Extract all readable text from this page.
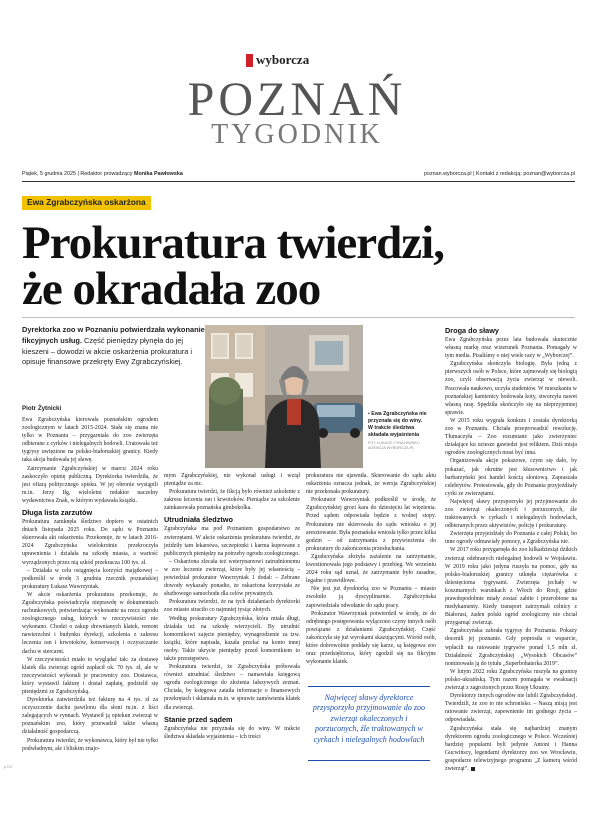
wyborcza
POZNAŃ
TYGODNIK
Piątek, 5 grudnia 2025 | Redaktor prowadzący Monika Pawłowska	poznan.wyborcza.pl | Kontakt z redakcją: poznan@wyborcza.pl
Ewa Zgrabczyńska oskarżona
Prokuratura twierdzi,
że okradała zoo
Dyrektorka zoo w Poznaniu potwierdzała wykonanie fikcyjnych usług. Część pieniędzy płynęła do jej kieszeni – dowodzi w akcie oskarżenia prokuratura i opisuje finansowe przekręty Ewy Zgrabczyńskiej.
▪ Ewa Zgrabczyńska nie przyznała się do winy. W trakcie śledztwa składała wyjaśnienia
FOT. ŁUKASZ CYNALEWSKI / AGENCJA WYBORCZA.PL
Piotr Żytnicki

Ewa Zgrabczyńska kierowała poznańskim ogrodem zoologicznym w latach 2015-2024. Stała się znana nie tylko w Poznaniu – przygarniała do zoo zwierzęta odbierane z cyrków i nielegalnych hodowli. Uratowała też tygrysy uwięzione na polsko-białoruskiej granicy. Kiedy taka akcja budowała jej sławę.

Zatrzymanie Zgrabczyńskiej w marcu 2024 roku zaskoczyło opinię publiczną. Dyrektorka twierdziła, że jest ofiarą politycznego spisku. W jej obronie wystąpili m.in. Jerzy Iłg, wieloletni redaktor naczelny wydawnictwa Znak, w którym wydawała książki.

Długa lista zarzutów

Prokuratura zamknęła śledztwo dopiero w ostatnich dniach listopada 2025 roku. Do sądu w Poznaniu skierowała akt oskarżenia. Przekonuje, że w latach 2016-2024 Zgrabczyńska wielokrotnie przekroczyła uprawnienia i działała na szkodę miasta, a wartość wyrządzonych przez nią szkód przekracza 100 tys. zł.

– Działała w celu osiągnięcia korzyści majątkowej – podkreślił w środę 3 grudnia rzecznik poznańskiej prokuratury Łukasz Wawrzyniak.

W akcie oskarżenia prokuratura przekonuje, że Zgrabczyńska poświadczyła nieprawdę w dokumentach rachunkowych, potwierdzając wykonanie na rzecz ogrodu zoologicznego usług, których w rzeczywistości nie wykonano. Chodzi o zakup drewnianych klatek, remont nawierzchni i budynku dyrekcji, szkolenia z zakresu leczenia ran i krwotoków, konserwację i oczyszczanie dachu w stercarni.

W rzeczywistości miało to wyglądać tak: za dostawę klatek dla zwierząt ogród zapłacił ok. 70 tys. zł, ale w rzeczywistości wykonali je pracownicy zoo. Dostawca, który wystawił fakturę i dostał zapłatę, podzielił się pieniędzmi ze Zgrabczyńską.

Dyrektorka zatwierdziła też fakturę na 4 tys. zł za oczyszczenie dachu pawilonu dla słoni m.in. z liści zalegających w rynnach. Wystawił ją opiekun zwierząt w poznańskim zoo, który przewadził także własną działalność gospodarczą.

Prokuratura twierdzi, że wykonawca, który był nie tylko podwładnym, ale i bliskim znajo-

mym Zgrabczyńskiej, nie wykonał usługi i wziął pieniądze za nic.

Prokuratura twierdzi, że fikcją było również szkolenie z zakresu leczenia ran i krwotoków. Pieniądze za szkolenie zainkasowała poznańska gimbokolka.

Utrudniała śledztwo

Zgrabczyńska ma pod Poznaniem gospodarstwo ze zwierzętami. W akcie oskarżenia prokuratura twierdzi, że jeździły tam lekarstwa, szczepionki i karma kupowane z publicznych pieniędzy na potrzeby ogrodu zoologicznego.

– Oskarżona zlecała też weterynarzowi zatrudnionemu w zoo leczenie zwierząt, które były jej własnością – powiedział prokurator Wawrzyniak 1 dodał: – Zebrane dowody wykazały ponadto, że oskarżona korzystała ze służbowego samochodu dla celów prywatnych.

Prokuratura twierdzi, że na tych działaniach dyrektorki zoo miasto straciło co najmniej tysiąc złotych.

Według prokuratury Zgrabczyńska, która miała długi, działała też na szkodę wierzycieli. By utrudnić komornikowi zajęcie pieniędzy, wynagrodzenie za tzw. książki, które napisała, kazała przelać na konto innej osoby. Takie ukrycie pieniędzy przed komornikiem to także przestępstwo.

Prokuratura twierdzi, że Zgrabczyńska próbowała również utrudniać śledztwo – namawiała księgową ogrodu zoologicznego do złożenia fałszywych zeznań. Chciała, by księgowa zataiła informacje o finansowych przekrętach i skłamała m.in. w sprawie zamówienia klatek dla zwierząt.

Stanie przed sądem

Zgrabczyńska nie przyznała się do winy. W trakcie śledztwa składała wyjaśnienia – ich treści

prokuratura nie ujawniła. Skierowanie do sądu aktu oskarżenia oznacza jednak, że wersja Zgrabczyńskiej nie przekonała prokuratury.

Prokurator Wawrzyniak podkreślił w środę, że Zgrabczyńskiej grozi kara do dziesięciu lat więzienia. Przed sądem odpowiada będzie z wolnej stopy. Prokuratura nie skierowała do sądu wniosku o jej aresztowanie. Była poznańska wniosła tylko przez kilka godzin – od zatrzymania z przywiezienia do prokuratury do zakończenia przesłuchania.

Zgrabczyńska złożyła zażalenie na zatrzymanie, kwestionowała jego podstawy i przebieg. We wrześniu 2024 roku sąd uznał, że zatrzymanie było zasadne, legalne i prawidłowe.

Nie jest już dyrektorką zoo w Poznaniu – miasto zwolniło ją dyscyplinarnie. Zgrabczyńska zapowiedziała odwołanie do sądu pracy.

Prokurator Wawrzyniak potwierdził w środę, że do odrębnego postępowania wyłączono czyny innych osób powiązane z działaniami Zgrabczyńskiej. Część zakończyła się już wyrokami skazującymi. Wśród osób, które dobrowolnie poddały się karze, są księgowa zoo oraz przedsiębiorca, który zgodził się na fikcyjne wykonanie klatek.

Najwięcej sławy dyrektorce przysporzyło przyjmowanie do zoo zwierząt okaleczonych i porzuconych, źle traktowanych w cyrkach i nielegalnych hodowlach
Droga do sławy

Ewa Zgrabczyńska przez lata budowała skutecznie własną markę oraz wizerunek Poznania. Pomagały w tym media. Pisaliśmy o niej wiele razy w „Wyborczej”.

Zgrabczyńska skończyła biologię. Była jedną z pierwszych osób w Polsce, które zajmowały się biologią zoo, czyli obserwacją życia zwierząt w niewoli. Pracowała naukowo, uczyła studentów. W mieszkaniu w poznańskiej kamienicy hodowała koty, stworzyła nawet własną rasę. Spędziła skończyło się na nieprzyjemnej sprawie.

W 2015 roku wygrała konkurs i została dyrektorką zoo w Poznaniu. Chciała przeprowadzić rewolucję. Tłumaczyła – Zoo rozumiane jako zwierzyniec działające ku uciesze gawiedzi jest reliktem. Dziś misja ogrodów zoologicznych musi być inna.

Organizowała akcje pokazowe, czym się dało, by pokazać, jak okrutne jest kłusownictwo i jak barbarzyński jest handel kością słoniową. Zapraszała celebrytów. Protestowała, gdy do Poznania przyjeżdżały cyrki ze zwierzętami.

Najwięcej sławy przysporzyło jej przyjmowanie do zoo zwierząt okaleczonych i porzuconych, źle traktowanych w cyrkach i nielegalnych hodowlach, odbieranych przez aktywistów, policję i prokuraturę.

Zwierzęta przyjeżdżały do Poznania z całej Polski, bo inne ogrody odmawiały pomocy, a Zgrabczyńska nie.

W 2017 roku przygarnęła do zoo kilkadziesiąt dzikich zwierząt odebranych nielegalnej hodowli w Wojsławiu. W 2019 roku jako jedyna ruszyła na pomoc, gdy na polsko-białoruskiej granicy utknęła ciężarówka z dziesięcioma tygrysami. Zwierzęta jechały w koszmarnych warunkach z Włoch do Rosji, gdzie prawdopodobnie miały zostać zabite i przerobione na medykamenty. Kiedy transport zatrzymali celnicy z Białorusi, żaden polski ogród zoologiczny nie chciał przygarnąć zwierząt.

Zgrabczyńska zabrała tygrysy do Poznania. Pokazy docenili jej poznanie. Gdy poprosiła o wsparcie, wpłacili na ratowanie tygrysów ponad 1,5 mln zł. Działalność Zgrabczyńskiej „Wysokich Obcasów” nominowała ją do tytułu „Superbohaterka 2019”.

W lutym 2022 roku Zgrabczyńska ruszyła na granicę polsko-ukraińską. Tym razem pomagała w ewakuacji zwierząt z zagrożonych przez Rosję Ukrainy.

Dyrektorzy innych ogrodów nie lubili Zgrabczyńskiej. Twierdzili, że zoo to nie schronisko. – Naszą misją jest ratowanie zwierząt, zapewnienie im godnego życia – odpowiadała.

Zgrabczyńska stała się najbardziej znanym dyrektorem ogrodu zoologicznego w Polsce. Wcześniej bardziej popularni byli jedynie Antoni i Hanna Gucwińscy, legendarni dyrektorzy zoo we Wrocławiu, gospodarze telewizyjnego programu „Z kamerą wśród zwierząt”.

p7/d
